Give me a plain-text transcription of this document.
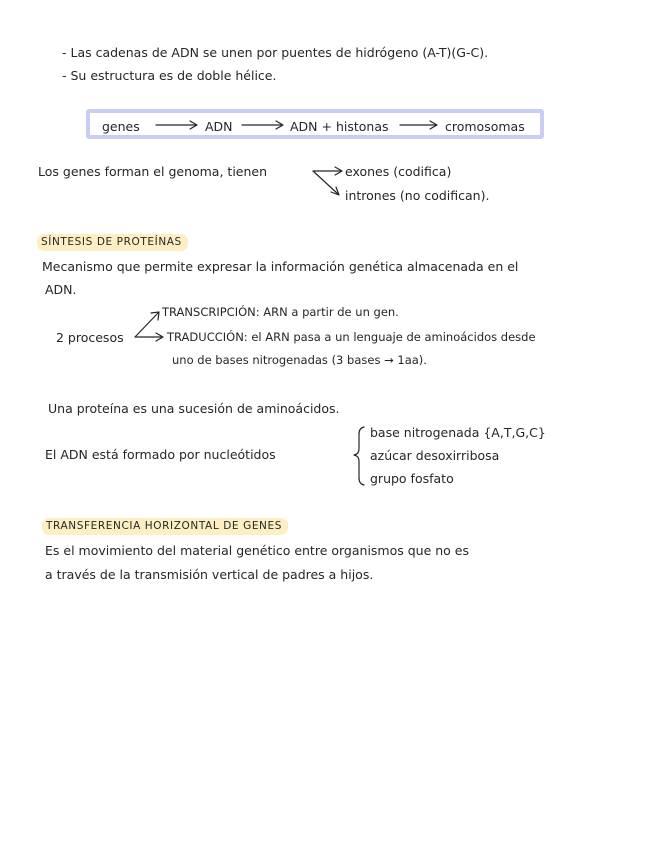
- Las cadenas de ADN se unen por puentes de hidrógeno (A-T)(G-C).
- Su estructura es de doble hélice.
genes	ADN	ADN + histonas	cromosomas
Los genes forman el genoma, tienen	exones (codifica)
intrones (no codifican).
SÍNTESIS DE PROTEÍNAS
Mecanismo que permite expresar la información genética almacenada en el
ADN.
2 procesos
TRANSCRIPCIÓN: ARN a partir de un gen.
TRADUCCIÓN: el ARN pasa a un lenguaje de aminoácidos desde
uno de bases nitrogenadas (3 bases → 1aa).
Una proteína es una sucesión de aminoácidos.
El ADN está formado por nucleótidos
base nitrogenada {A,T,G,C}
azúcar desoxirribosa
grupo fosfato
TRANSFERENCIA HORIZONTAL DE GENES
Es el movimiento del material genético entre organismos que no es
a través de la transmisión vertical de padres a hijos.
